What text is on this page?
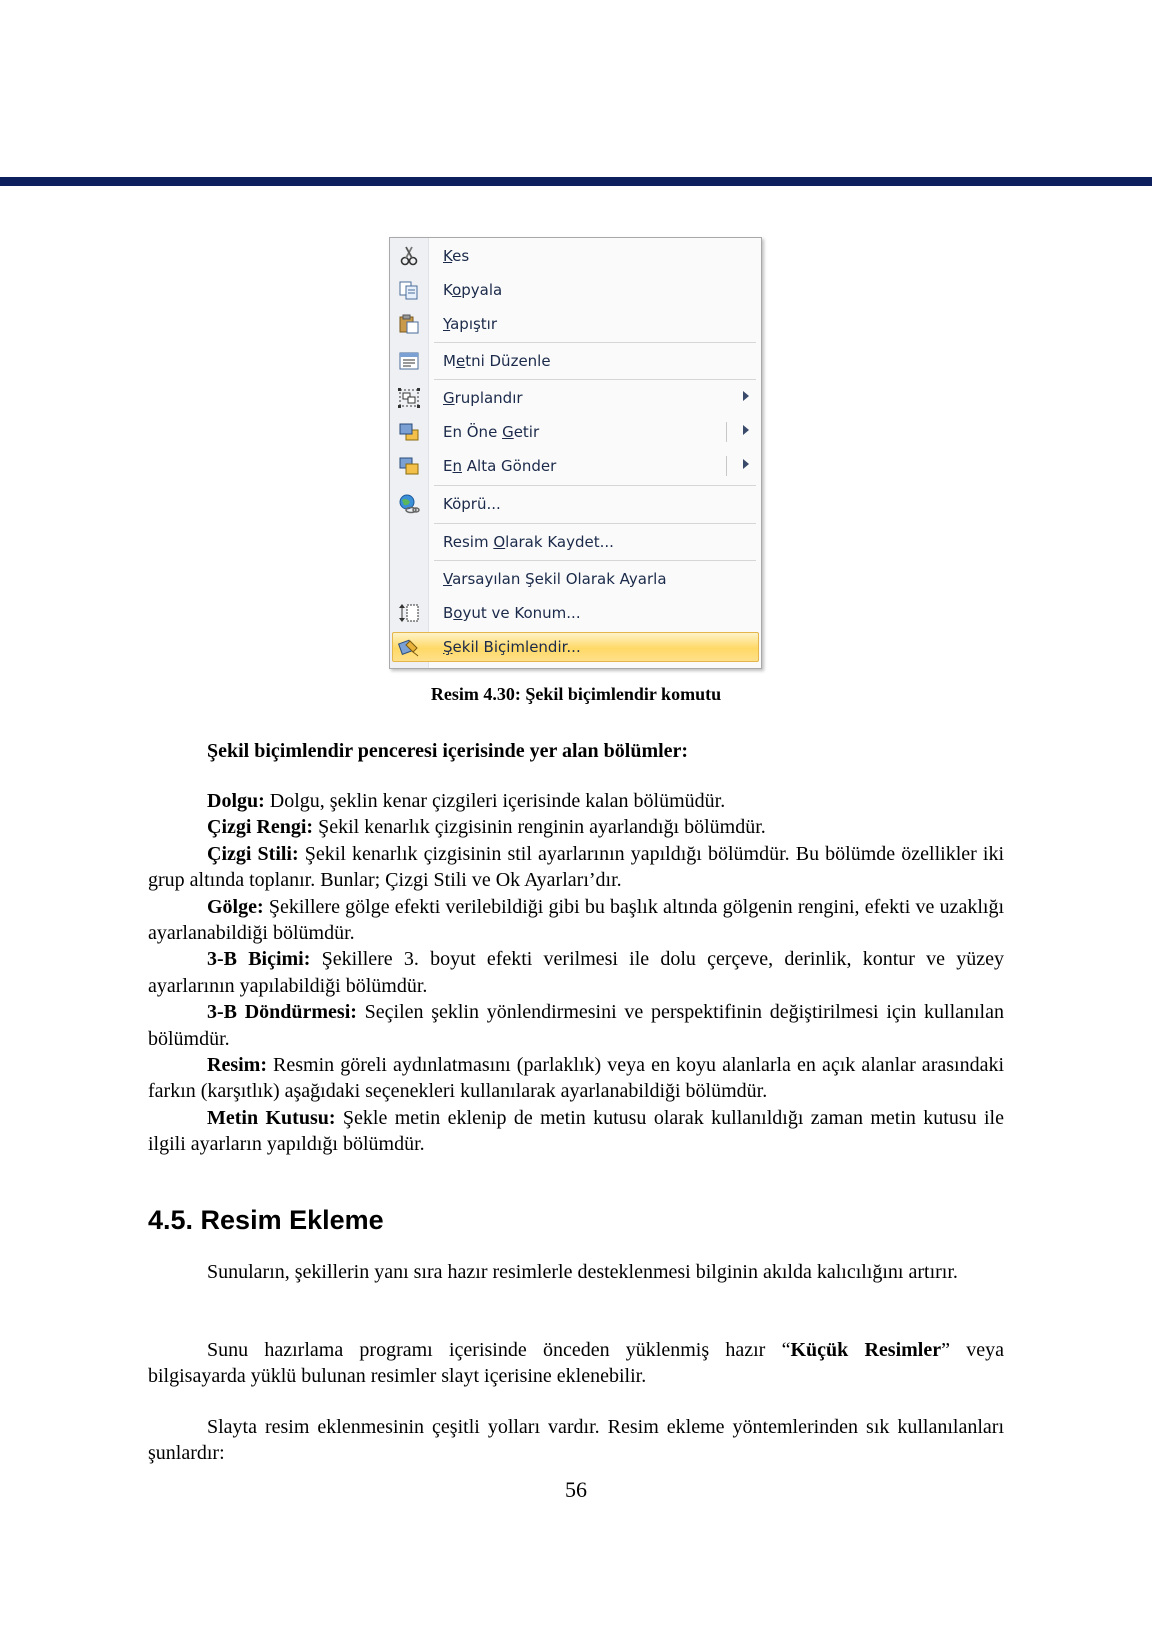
Kes
Kopyala
Yapıştır
Metni Düzenle
Gruplandır
En Öne Getir
En Alta Gönder
Köprü...
Resim Olarak Kaydet...
Varsayılan Şekil Olarak Ayarla
Boyut ve Konum...
Şekil Biçimlendir...
Resim 4.30: Şekil biçimlendir komutu
Şekil biçimlendir penceresi içerisinde yer alan bölümler:

Dolgu: Dolgu, şeklin kenar çizgileri içerisinde kalan bölümüdür.

Çizgi Rengi: Şekil kenarlık çizgisinin renginin ayarlandığı bölümdür.

Çizgi Stili: Şekil kenarlık çizgisinin stil ayarlarının yapıldığı bölümdür. Bu bölümde özellikler iki grup altında toplanır. Bunlar; Çizgi Stili ve Ok Ayarları’dır.

Gölge: Şekillere gölge efekti verilebildiği gibi bu başlık altında gölgenin rengini, efekti ve uzaklığı ayarlanabildiği bölümdür.

3-B Biçimi: Şekillere 3. boyut efekti verilmesi ile dolu çerçeve, derinlik, kontur ve yüzey ayarlarının yapılabildiği bölümdür.

3-B Döndürmesi: Seçilen şeklin yönlendirmesini ve perspektifinin değiştirilmesi için kullanılan bölümdür.

Resim: Resmin göreli aydınlatmasını (parlaklık) veya en koyu alanlarla en açık alanlar arasındaki farkın (karşıtlık) aşağıdaki seçenekleri kullanılarak ayarlanabildiği bölümdür.

Metin Kutusu: Şekle metin eklenip de metin kutusu olarak kullanıldığı zaman metin kutusu ile ilgili ayarların yapıldığı bölümdür.

4.5. Resim Ekleme

Sunuların, şekillerin yanı sıra hazır resimlerle desteklenmesi bilginin akılda kalıcılığını artırır.

Sunu hazırlama programı içerisinde önceden yüklenmiş hazır “Küçük Resimler” veya bilgisayarda yüklü bulunan resimler slayt içerisine eklenebilir.

Slayta resim eklenmesinin çeşitli yolları vardır. Resim ekleme yöntemlerinden sık kullanılanları şunlardır:

56
